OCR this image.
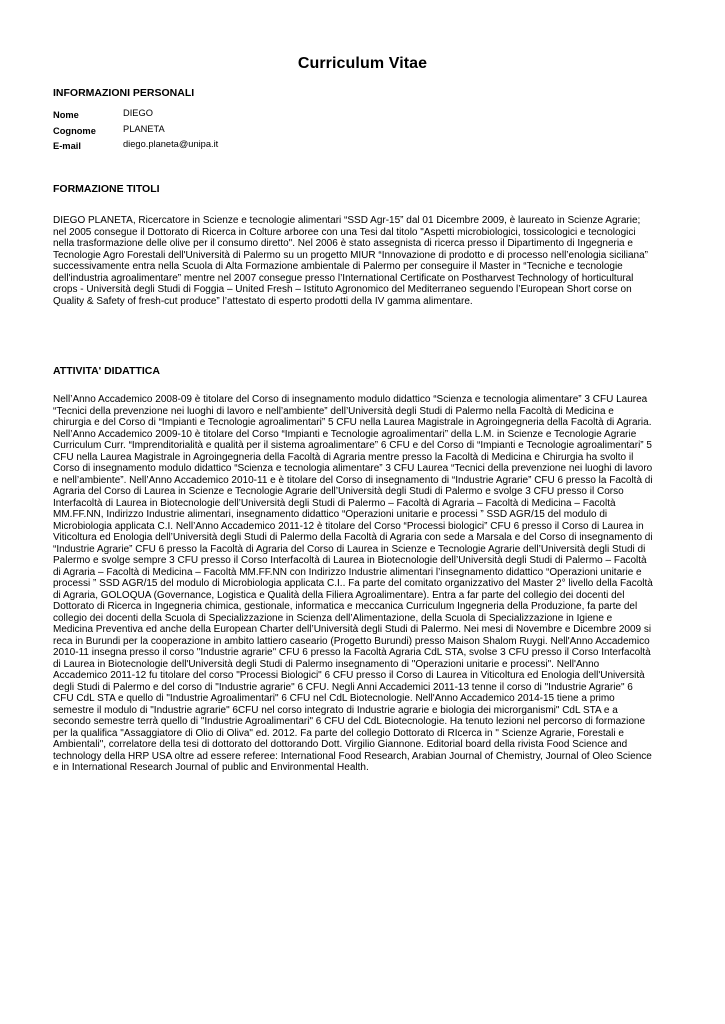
Curriculum Vitae
INFORMAZIONI PERSONALI
Nome	DIEGO
Cognome	PLANETA
E-mail	diego.planeta@unipa.it
FORMAZIONE TITOLI
DIEGO PLANETA, Ricercatore in Scienze e tecnologie alimentari “SSD Agr-15” dal 01 Dicembre 2009, è laureato in Scienze Agrarie; nel 2005 consegue il Dottorato di Ricerca in Colture arboree con una Tesi dal titolo "Aspetti microbiologici, tossicologici e tecnologici nella trasformazione delle olive per il consumo diretto". Nel 2006 è stato assegnista di ricerca presso il Dipartimento di Ingegneria e Tecnologie Agro Forestali dell'Università di Palermo su un progetto MIUR “Innovazione di prodotto e di processo nell’enologia siciliana” successivamente entra nella Scuola di Alta Formazione ambientale di Palermo per conseguire il Master in “Tecniche e tecnologie dell'industria agroalimentare” mentre nel 2007 consegue presso l’International Certificate on Postharvest Technology of horticultural crops - Università degli Studi di Foggia – United Fresh – Istituto Agronomico del Mediterraneo seguendo l’European Short corse on Quality & Safety of fresh-cut produce” l’attestato di esperto prodotti della IV gamma alimentare.
ATTIVITA' DIDATTICA
Nell’Anno Accademico 2008-09 è titolare del Corso di insegnamento modulo didattico “Scienza e tecnologia alimentare” 3 CFU Laurea “Tecnici della prevenzione nei luoghi di lavoro e nell’ambiente” dell’Università degli Studi di Palermo nella Facoltà di Medicina e chirurgia e del Corso di “Impianti e Tecnologie agroalimentari” 5 CFU nella Laurea Magistrale in Agroingegneria della Facoltà di Agraria. Nell’Anno Accademico 2009-10 è titolare del Corso “Impianti e Tecnologie agroalimentari” della L.M. in Scienze e Tecnologie Agrarie Curriculum Curr. “Imprenditorialità e qualità per il sistema agroalimentare” 6 CFU e del Corso di “Impianti e Tecnologie agroalimentari” 5 CFU nella Laurea Magistrale in Agroingegneria della Facoltà di Agraria mentre presso la Facoltà di Medicina e Chirurgia ha svolto il Corso di insegnamento modulo didattico “Scienza e tecnologia alimentare” 3 CFU Laurea “Tecnici della prevenzione nei luoghi di lavoro e nell’ambiente”. Nell’Anno Accademico 2010-11 e è titolare del Corso di insegnamento di “Industrie Agrarie” CFU 6 presso la Facoltà di Agraria del Corso di Laurea in Scienze e Tecnologie Agrarie dell’Università degli Studi di Palermo e svolge 3 CFU presso il Corso Interfacoltà di Laurea in Biotecnologie dell’Università degli Studi di Palermo – Facoltà di Agraria – Facoltà di Medicina – Facoltà MM.FF.NN, Indirizzo Industrie alimentari, insegnamento didattico “Operazioni unitarie e processi ” SSD AGR/15 del modulo di Microbiologia applicata C.I. Nell’Anno Accademico 2011-12 è titolare del Corso “Processi biologici” CFU 6 presso il Corso di Laurea in Viticoltura ed Enologia dell’Università degli Studi di Palermo della Facoltà di Agraria con sede a Marsala e del Corso di insegnamento di “Industrie Agrarie” CFU 6 presso la Facoltà di Agraria del Corso di Laurea in Scienze e Tecnologie Agrarie dell’Università degli Studi di Palermo e svolge sempre 3 CFU presso il Corso Interfacoltà di Laurea in Biotecnologie dell’Università degli Studi di Palermo – Facoltà di Agraria – Facoltà di Medicina – Facoltà MM.FF.NN con Indirizzo Industrie alimentari l’insegnamento didattico “Operazioni unitarie e processi ” SSD AGR/15 del modulo di Microbiologia applicata C.I.. Fa parte del comitato organizzativo del Master 2° livello della Facoltà di Agraria, GOLOQUA (Governance, Logistica e Qualità della Filiera Agroalimentare). Entra a far parte del collegio dei docenti del Dottorato di Ricerca in Ingegneria chimica, gestionale, informatica e meccanica Curriculum Ingegneria della Produzione, fa parte del collegio dei docenti della Scuola di Specializzazione in Scienza dell’Alimentazione, della Scuola di Specializzazione in Igiene e Medicina Preventiva ed anche della European Charter dell’Università degli Studi di Palermo. Nei mesi di Novembre e Dicembre 2009 si reca in Burundi per la cooperazione in ambito lattiero caseario (Progetto Burundi) presso Maison Shalom Ruygi. Nell'Anno Accademico 2010-11 insegna presso il corso "Industrie agrarie" CFU 6 presso la Facoltà Agraria CdL STA, svolse 3 CFU presso il Corso Interfacoltà di Laurea in Biotecnologie dell'Università degli Studi di Palermo insegnamento di "Operazioni unitarie e processi". Nell'Anno Accademico 2011-12 fu titolare del corso "Processi Biologici" 6 CFU presso il Corso di Laurea in Viticoltura ed Enologia dell'Università degli Studi di Palermo e del corso di "Industrie agrarie" 6 CFU. Negli Anni Accademici 2011-13 tenne il corso di "Industrie Agrarie" 6 CFU CdL STA e quello di "Industrie Agroalimentari" 6 CFU nel CdL Biotecnologie. Nell'Anno Accademico 2014-15 tiene a primo semestre il modulo di "Industrie agrarie" 6CFU nel corso integrato di Industrie agrarie e biologia dei microrganismi" CdL STA e a secondo semestre terrà quello di "Industrie Agroalimentari" 6 CFU del CdL Biotecnologie. Ha tenuto lezioni nel percorso di formazione per la qualifica "Assaggiatore di Olio di Oliva" ed. 2012. Fa parte del collegio Dottorato di RIcerca in " Scienze Agrarie, Forestali e Ambientali", correlatore della tesi di dottorato del dottorando Dott. Virgilio Giannone. Editorial board della rivista Food Science and technology della HRP USA oltre ad essere referee: International Food Research, Arabian Journal of Chemistry, Journal of Oleo Science e in International Research Journal of public and Environmental Health.
